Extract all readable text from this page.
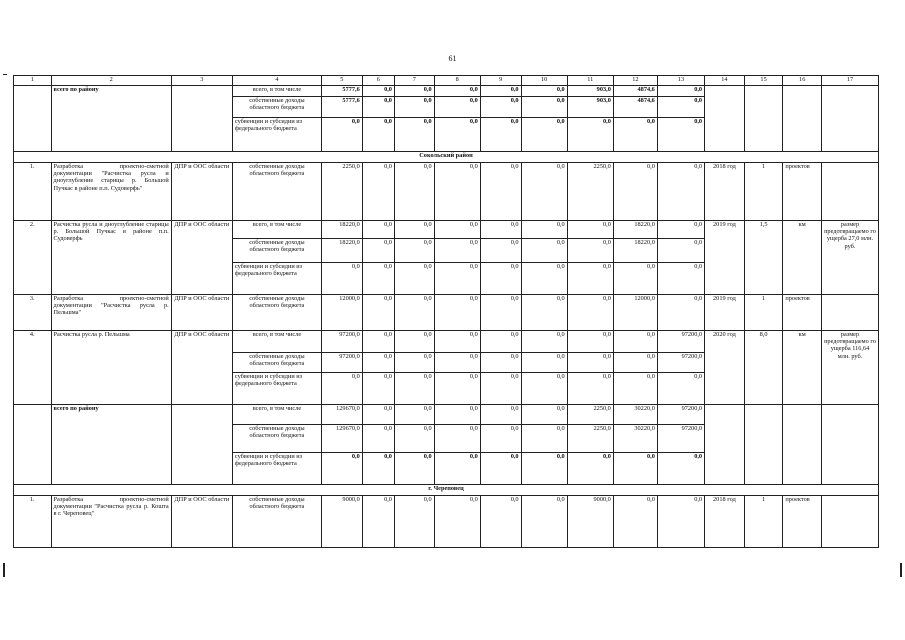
61
1	2	3	4	5	6	7	8	9	10	11	12	13	14	15	16	17
	всего по району		всего, в том числе	5777,6	0,0	0,0	0,0	0,0	0,0	903,0	4874,6	0,0				
			собственные доходы областного бюджета	5777,6	0,0	0,0	0,0	0,0	0,0	903,0	4874,6	0,0				
			субвенции и субсидии из федерального бюджета	0,0	0,0	0,0	0,0	0,0	0,0	0,0	0,0	0,0				
Сокольский район																
1.	Разработка проектно-сметной документации "Расчистка русла и дноуглубление старицы р. Большой Пучкас в районе п.п. Судоверфь"	ДПР и ООС области	собственные доходы областного бюджета	2250,0	0,0	0,0	0,0	0,0	0,0	2250,0	0,0	0,0	2018 год	1	проектов	
2.	Расчистка русла и дноуглубление старицы р. Большой Пучкас в районе п.п. Судоверфь	ДПР и ООС области	всего, в том числе	18220,0	0,0	0,0	0,0	0,0	0,0	0,0	18220,0	0,0	2019 год	1,5	км	размер предотвращаемо го ущерба 27,0 млн. руб.
			собственные доходы областного бюджета	18220,0	0,0	0,0	0,0	0,0	0,0	0,0	18220,0	0,0				
			субвенции и субсидии из федерального бюджета	0,0	0,0	0,0	0,0	0,0	0,0	0,0	0,0	0,0				
3.	Разработка проектно-сметной документации "Расчистка русла р. Пельшма"	ДПР и ООС области	собственные доходы областного бюджета	12000,0	0,0	0,0	0,0	0,0	0,0	0,0	12000,0	0,0	2019 год	1	проектов	
4.	Расчистка русла р. Пельшма	ДПР и ООС области	всего, в том числе	97200,0	0,0	0,0	0,0	0,0	0,0	0,0	0,0	97200,0	2020 год	8,0	км	размер предотвращаемо го ущерба 116,64 млн. руб.
			собственные доходы областного бюджета	97200,0	0,0	0,0	0,0	0,0	0,0	0,0	0,0	97200,0				
			субвенции и субсидии из федерального бюджета	0,0	0,0	0,0	0,0	0,0	0,0	0,0	0,0	0,0				
	всего по району		всего, в том числе	129670,0	0,0	0,0	0,0	0,0	0,0	2250,0	30220,0	97200,0				
			собственные доходы областного бюджета	129670,0	0,0	0,0	0,0	0,0	0,0	2250,0	30220,0	97200,0				
			субвенции и субсидии из федерального бюджета	0,0	0,0	0,0	0,0	0,0	0,0	0,0	0,0	0,0				
г. Череповец																
1.	Разработка проектно-сметной документации "Расчистка русла р. Коштa в г. Череповец"	ДПР и ООС области	собственные доходы областного бюджета	9000,0	0,0	0,0	0,0	0,0	0,0	9000,0	0,0	0,0	2018 год	1	проектов	
